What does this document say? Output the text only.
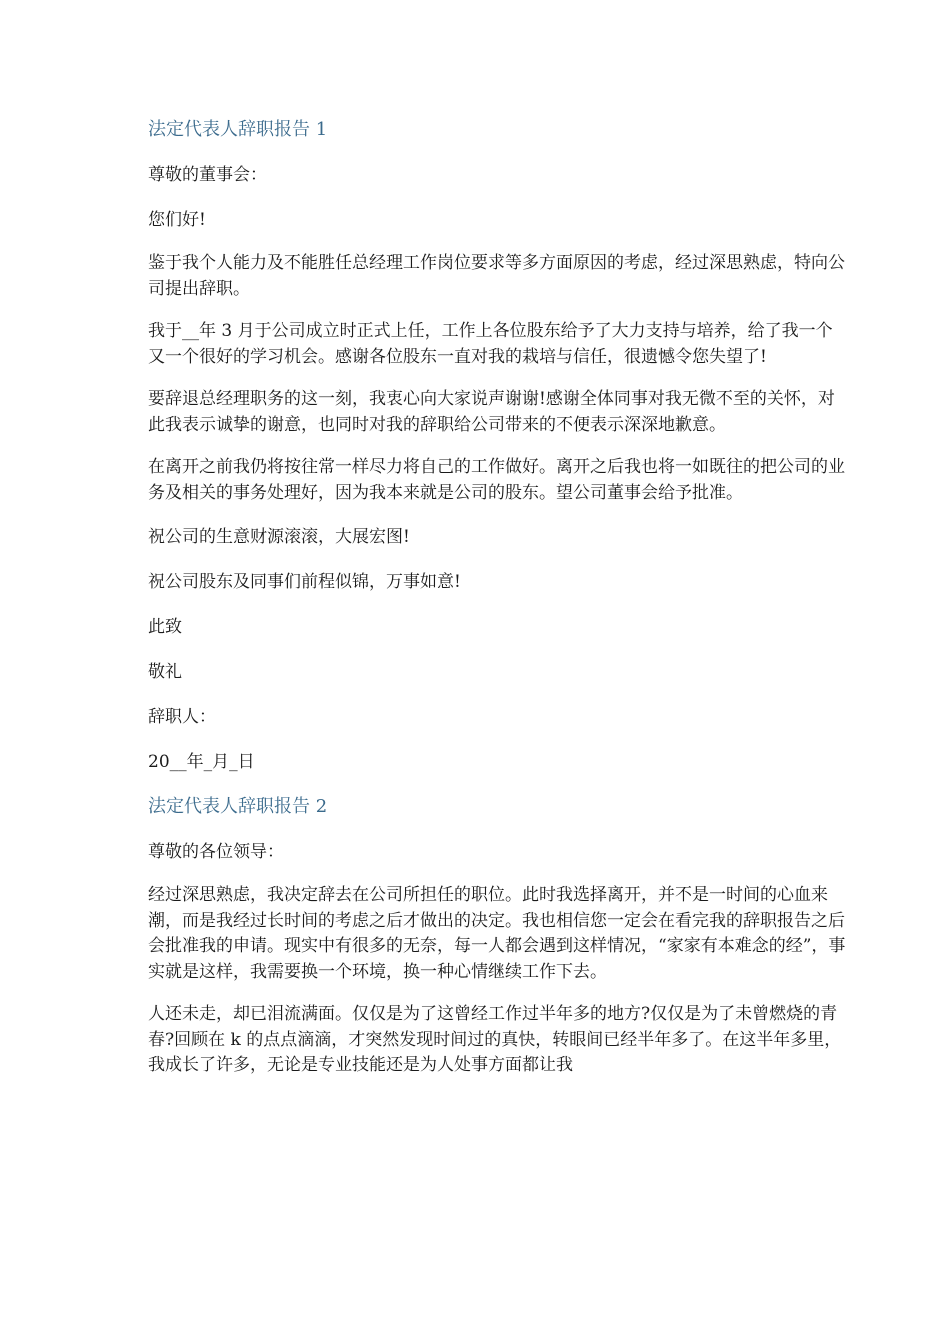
法定代表人辞职报告 1
尊敬的董事会：
您们好!
鉴于我个人能力及不能胜任总经理工作岗位要求等多方面原因的考虑，经过深思熟虑，特向公司提出辞职。
我于__年 3 月于公司成立时正式上任，工作上各位股东给予了大力支持与培养，给了我一个又一个很好的学习机会。感谢各位股东一直对我的栽培与信任，很遗憾令您失望了!
要辞退总经理职务的这一刻，我衷心向大家说声谢谢!感谢全体同事对我无微不至的关怀，对此我表示诚挚的谢意，也同时对我的辞职给公司带来的不便表示深深地歉意。
在离开之前我仍将按往常一样尽力将自己的工作做好。离开之后我也将一如既往的把公司的业务及相关的事务处理好，因为我本来就是公司的股东。望公司董事会给予批准。
祝公司的生意财源滚滚，大展宏图!
祝公司股东及同事们前程似锦，万事如意!
此致
敬礼
辞职人：
20__年_月_日
法定代表人辞职报告 2
尊敬的各位领导：
经过深思熟虑，我决定辞去在公司所担任的职位。此时我选择离开，并不是一时间的心血来潮，而是我经过长时间的考虑之后才做出的决定。我也相信您一定会在看完我的辞职报告之后会批准我的申请。现实中有很多的无奈，每一人都会遇到这样情况，“家家有本难念的经”，事实就是这样，我需要换一个环境，换一种心情继续工作下去。
人还未走，却已泪流满面。仅仅是为了这曾经工作过半年多的地方?仅仅是为了未曾燃烧的青春?回顾在 k 的点点滴滴，才突然发现时间过的真快，转眼间已经半年多了。在这半年多里，我成长了许多，无论是专业技能还是为人处事方面都让我
